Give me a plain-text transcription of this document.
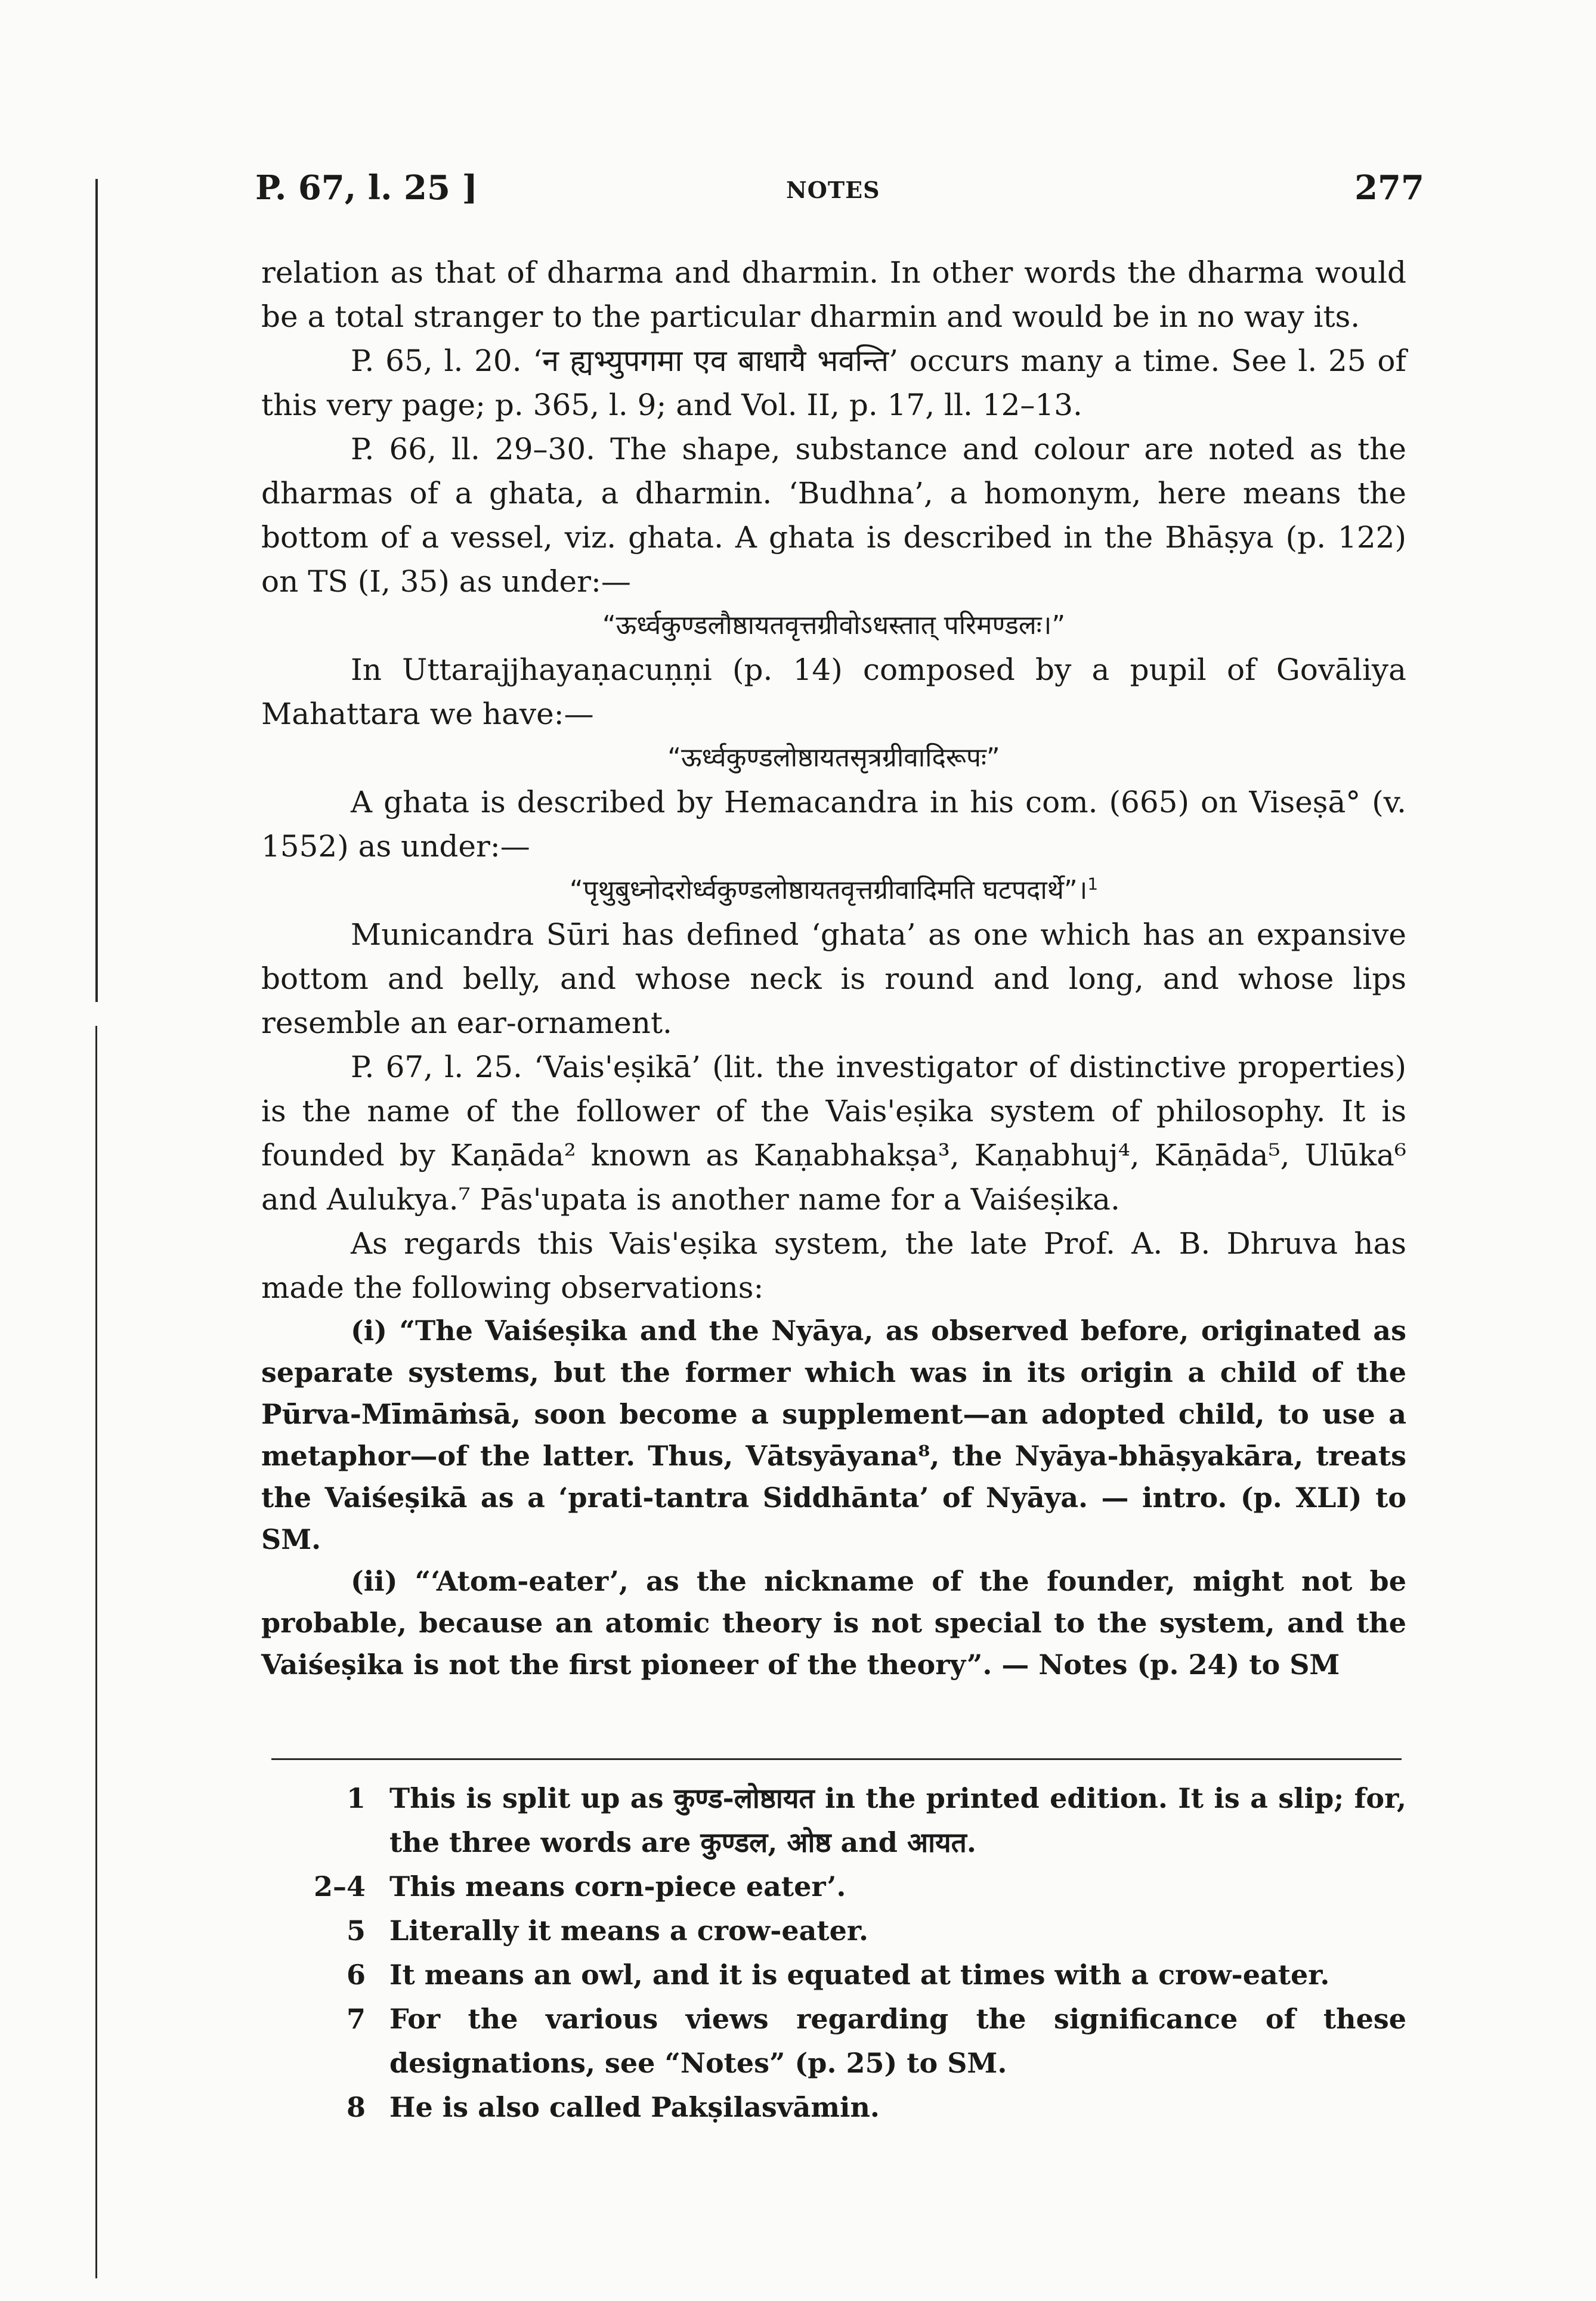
P. 67, l. 25 ]	NOTES	277

relation as that of dharma and dharmin. In other words the dharma would be a total stranger to the particular dharmin and would be in no way its.

P. 65, l. 20. ‘न ह्यभ्युपगमा एव बाधायै भवन्ति’ occurs many a time. See l. 25 of this very page; p. 365, l. 9; and Vol. II, p. 17, ll. 12–13.

P. 66, ll. 29–30. The shape, substance and colour are noted as the dharmas of a ghata, a dharmin. ‘Budhna’, a homonym, here means the bottom of a vessel, viz. ghata. A ghata is described in the Bhāṣya (p. 122) on TS (I, 35) as under:—

“ऊर्ध्वकुण्डलौष्ठायतवृत्तग्रीवोऽधस्तात् परिमण्डलः।”

In Uttarajjhayaṇacuṇṇi (p. 14) composed by a pupil of Govāliya Mahattara we have:—

“ऊर्ध्वकुण्डलोष्ठायतसृत्रग्रीवादिरूपः”

A ghata is described by Hemacandra in his com. (665) on Viseṣā° (v. 1552) as under:—

“पृथुबुध्नोदरोर्ध्वकुण्डलोष्ठायतवृत्तग्रीवादिमति घटपदार्थे”।$^1$

Municandra Sūri has defined ‘ghata’ as one which has an expansive bottom and belly, and whose neck is round and long, and whose lips resemble an ear-ornament.

P. 67, l. 25. ‘Vais'eṣikā’ (lit. the investigator of distinctive properties) is the name of the follower of the Vais'eṣika system of philosophy. It is founded by Kaṇāda² known as Kaṇabhakṣa³, Kaṇabhuj⁴, Kāṇāda⁵, Ulūka⁶ and Aulukya.⁷ Pās'upata is another name for a Vaiśeṣika.

As regards this Vais'eṣika system, the late Prof. A. B. Dhruva has made the following observations:

(i) “The Vaiśeṣika and the Nyāya, as observed before, originated as separate systems, but the former which was in its origin a child of the Pūrva-Mīmāṁsā, soon become a supplement—an adopted child, to use a metaphor—of the latter. Thus, Vātsyāyana⁸, the Nyāya-bhāṣyakāra, treats the Vaiśeṣikā as a ‘prati-tantra Siddhānta’ of Nyāya. — intro. (p. XLI) to SM.

(ii) “‘Atom-eater’, as the nickname of the founder, might not be probable, because an atomic theory is not special to the system, and the Vaiśeṣika is not the first pioneer of the theory”. — Notes (p. 24) to SM

1 This is split up as कुण्ड-लोष्ठायत in the printed edition. It is a slip; for, the three words are कुण्डल, ओष्ठ and आयत.
2–4 This means corn-piece eater’.
5 Literally it means a crow-eater.
6 It means an owl, and it is equated at times with a crow-eater.
7 For the various views regarding the significance of these designations, see “Notes” (p. 25) to SM.
8 He is also called Pakṣilasvāmin.
